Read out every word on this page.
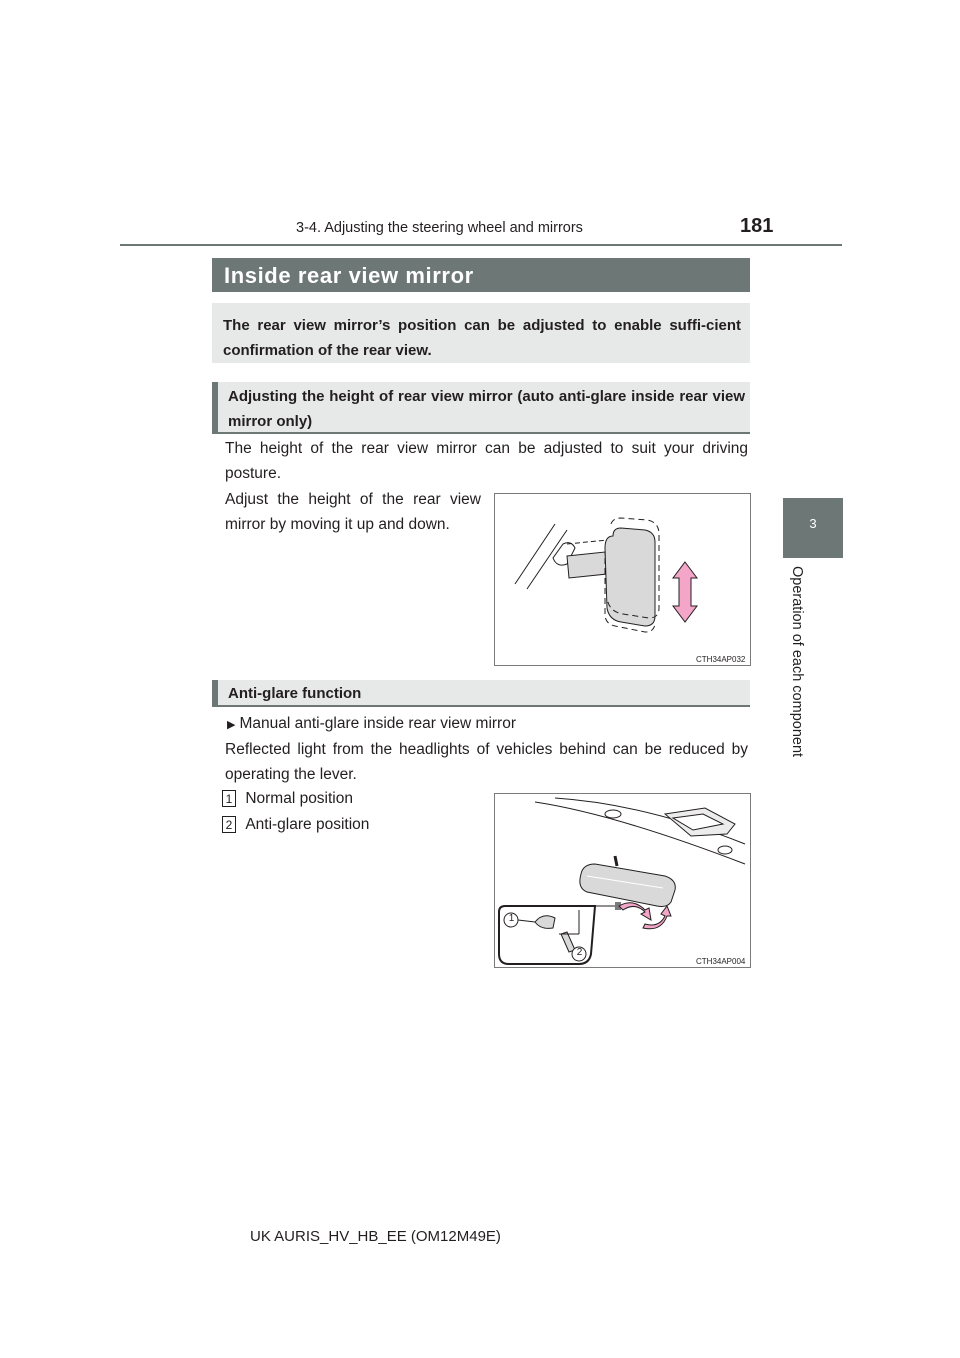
3-4. Adjusting the steering wheel and mirrors	181
3
Operation of each component
Inside rear view mirror

The rear view mirror’s position can be adjusted to enable suffi-cient confirmation of the rear view.

Adjusting the height of rear view mirror (auto anti-glare inside rear view mirror only)

The height of the rear view mirror can be adjusted to suit your driving posture.

Adjust the height of the rear view mirror by moving it up and down.

CTH34AP032

Anti-glare function

▶ Manual anti-glare inside rear view mirror

Reflected light from the headlights of vehicles behind can be reduced by operating the lever.

1 Normal position
2 Anti-glare position
1
2
CTH34AP004
UK AURIS_HV_HB_EE (OM12M49E)
